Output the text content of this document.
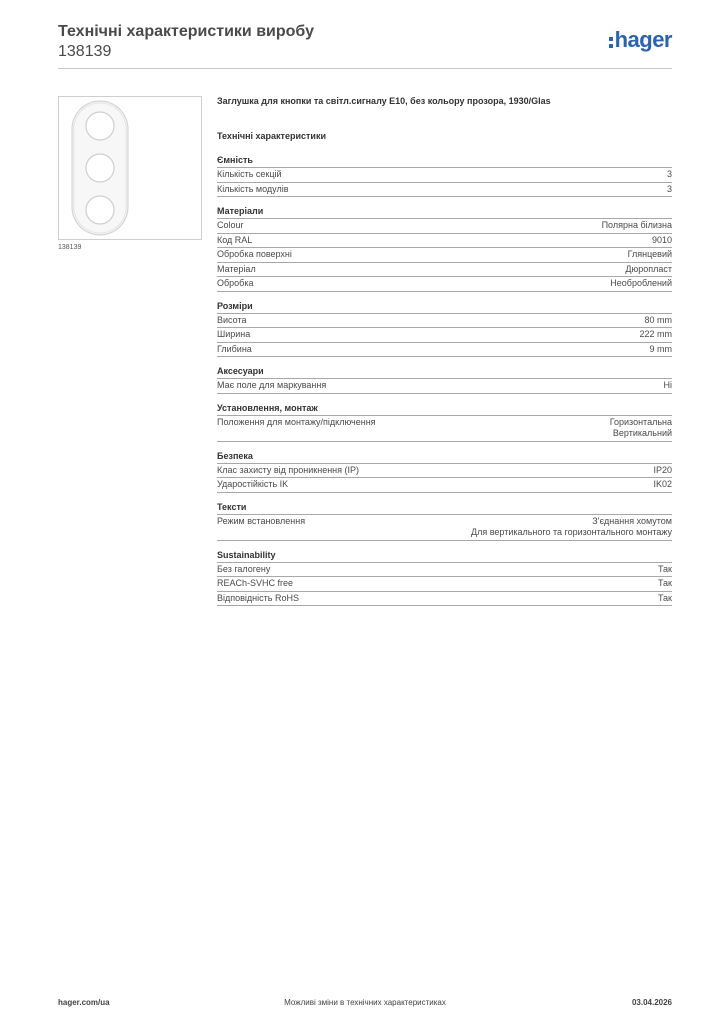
Технічні характеристики виробу
138139	hager
138139
Заглушка для кнопки та світл.сигналу E10, без кольору прозора, 1930/Glas
Технічні характеристики
Ємність
Кількість секцій	3
Кількість модулів	3
Матеріали
Colour	Полярна білизна
Код RAL	9010
Обробка поверхні	Глянцевий
Матеріал	Дюропласт
Обробка	Необроблений
Розміри
Висота	80 mm
Ширина	222 mm
Глибина	9 mm
Аксесуари
Має поле для маркування	Ні
Установлення, монтаж
Положення для монтажу/підключення	Горизонтальна
Вертикальний
Безпека
Клас захисту від проникнення (IP)	IP20
Ударостійкість IK	IK02
Тексти
Режим встановлення	З'єднання хомутом
Для вертикального та горизонтального монтажу
Sustainability
Без галогену	Так
REACh-SVHC free	Так
Відповідність RoHS	Так
hager.com/ua	Можливі зміни в технічних характеристиках	03.04.2026
